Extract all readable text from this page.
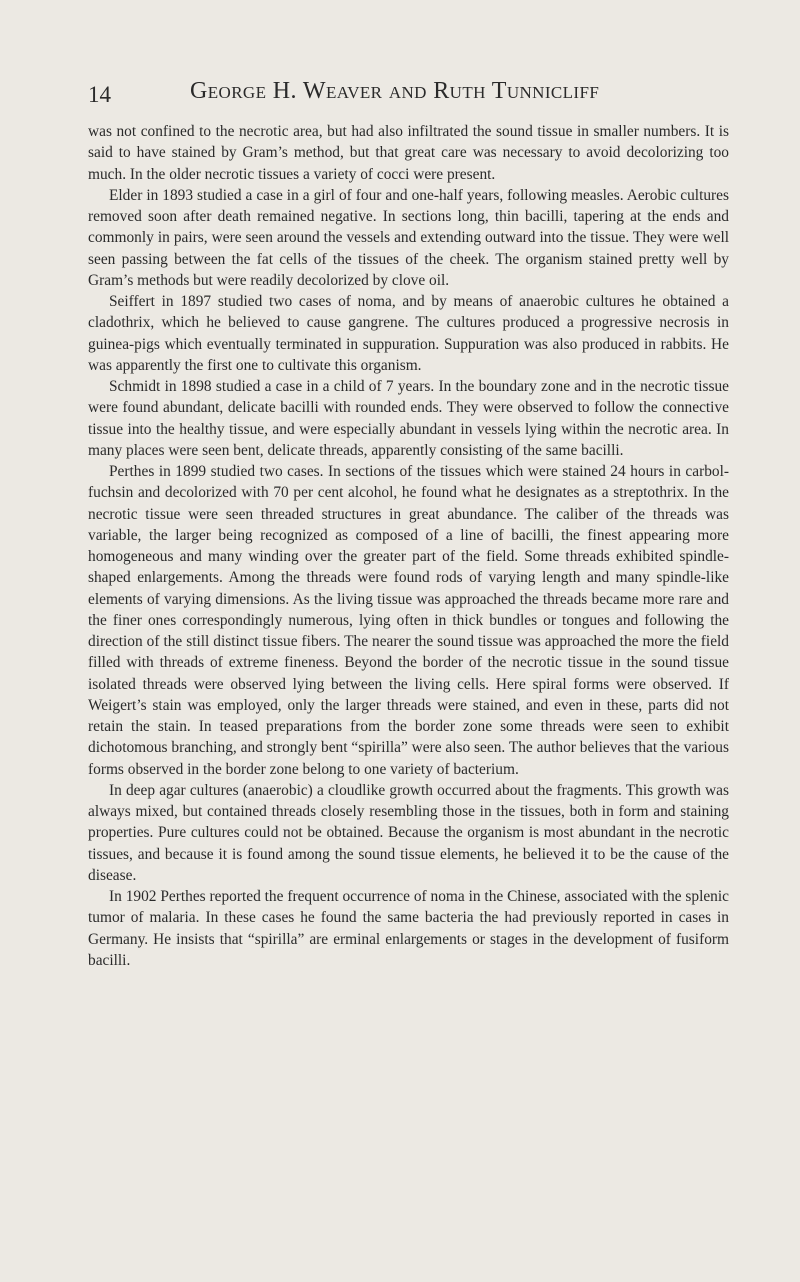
14	George H. Weaver and Ruth Tunnicliff

was not confined to the necrotic area, but had also infiltrated the sound tissue in smaller numbers. It is said to have stained by Gram’s method, but that great care was necessary to avoid decolorizing too much. In the older necrotic tissues a variety of cocci were present.

Elder in 1893 studied a case in a girl of four and one-half years, following measles. Aerobic cultures removed soon after death remained negative. In sections long, thin bacilli, tapering at the ends and commonly in pairs, were seen around the vessels and extending outward into the tissue. They were well seen passing between the fat cells of the tissues of the cheek. The organism stained pretty well by Gram’s methods but were readily decolorized by clove oil.

Seiffert in 1897 studied two cases of noma, and by means of anaerobic cultures he obtained a cladothrix, which he believed to cause gangrene. The cultures produced a progressive necrosis in guinea-pigs which eventually terminated in suppuration. Suppuration was also produced in rabbits. He was apparently the first one to cultivate this organism.

Schmidt in 1898 studied a case in a child of 7 years. In the boundary zone and in the necrotic tissue were found abundant, delicate bacilli with rounded ends. They were observed to follow the connective tissue into the healthy tissue, and were especially abundant in vessels lying within the necrotic area. In many places were seen bent, delicate threads, apparently consisting of the same bacilli.

Perthes in 1899 studied two cases. In sections of the tissues which were stained 24 hours in carbol-fuchsin and decolorized with 70 per cent alcohol, he found what he designates as a streptothrix. In the necrotic tissue were seen threaded structures in great abundance. The caliber of the threads was variable, the larger being recognized as composed of a line of bacilli, the finest appearing more homogeneous and many winding over the greater part of the field. Some threads exhibited spindle-shaped enlargements. Among the threads were found rods of varying length and many spindle-like elements of varying dimensions. As the living tissue was approached the threads became more rare and the finer ones correspondingly numerous, lying often in thick bundles or tongues and following the direction of the still distinct tissue fibers. The nearer the sound tissue was approached the more the field filled with threads of extreme fineness. Beyond the border of the necrotic tissue in the sound tissue isolated threads were observed lying between the living cells. Here spiral forms were observed. If Weigert’s stain was employed, only the larger threads were stained, and even in these, parts did not retain the stain. In teased preparations from the border zone some threads were seen to exhibit dichotomous branching, and strongly bent “spirilla” were also seen. The author believes that the various forms observed in the border zone belong to one variety of bacterium.

In deep agar cultures (anaerobic) a cloudlike growth occurred about the fragments. This growth was always mixed, but contained threads closely resembling those in the tissues, both in form and staining properties. Pure cultures could not be obtained. Because the organism is most abundant in the necrotic tissues, and because it is found among the sound tissue elements, he believed it to be the cause of the disease.

In 1902 Perthes reported the frequent occurrence of noma in the Chinese, associated with the splenic tumor of malaria. In these cases he found the same bacteria the had previously reported in cases in Germany. He insists that “spirilla” are erminal enlargements or stages in the development of fusiform bacilli.
